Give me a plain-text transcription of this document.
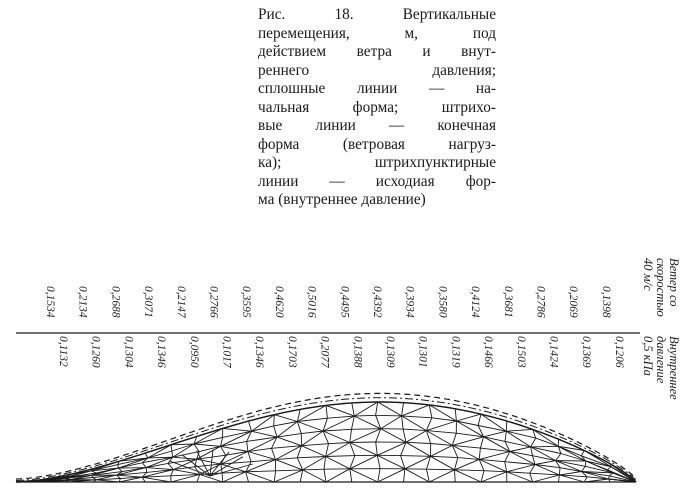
Рис. 18. Вертикальные
перемещения, м, под
действием ветра и внут-
реннего давления;
сплошные линии — на-
чальная форма; штрихо-
вые линии — конечная
форма (ветровая нагруз-
ка); штрихпунктирные
линии — исходиая фор-
ма (внутреннее давление)
0,1534 0,2134 0,2688 0,3071 0,2147 0,2766 0,3595 0,4620 0,5016 0,4495 0,4392 0,3934 0,3580 0,4124 0,3681 0,2786 0,2069 0,1398
0,1132 0,1260 0,1304 0,1346 0,0950 0,1017 0,1346 0,1703 0,2077 0,1388 0,1309 0,1301 0,1319 0,1466 0,1503 0,1424 0,1369 0,1206
Ветер со
скоростью
40 м/с
Внутреннее
давление
0,5 кПа
